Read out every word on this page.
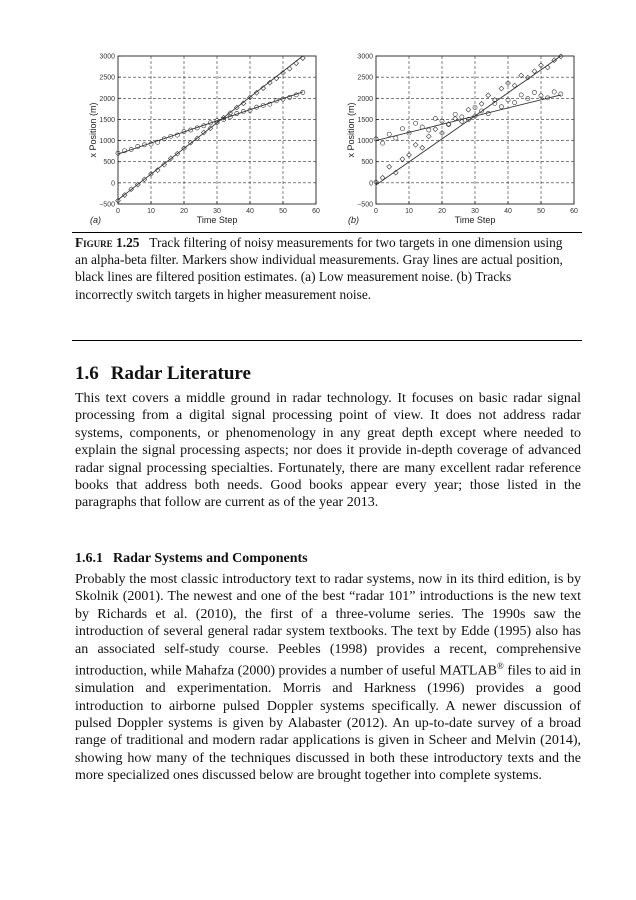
0	10	20	30	40	50	60
−500
0
500
1000
1500
2000
2500
3000
Time Step
x Position (m)
(a)
0	10	20	30	40	50	60
−500
0
500
1000
1500
2000
2500
3000
Time Step
x Position (m)
(b)
Figure 1.25 Track filtering of noisy measurements for two targets in one dimension using an alpha-beta filter. Markers show individual measurements. Gray lines are actual position, black lines are filtered position estimates. (a) Low measurement noise. (b) Tracks incorrectly switch targets in higher measurement noise.
1.6 Radar Literature
This text covers a middle ground in radar technology. It focuses on basic radar signal processing from a digital signal processing point of view. It does not address radar systems, components, or phenomenology in any great depth except where needed to explain the signal processing aspects; nor does it provide in-depth coverage of advanced radar signal processing specialties. Fortunately, there are many excellent radar reference books that address both needs. Good books appear every year; those listed in the paragraphs that follow are current as of the year 2013.
1.6.1 Radar Systems and Components
Probably the most classic introductory text to radar systems, now in its third edition, is by Skolnik (2001). The newest and one of the best “radar 101” introductions is the new text by Richards et al. (2010), the first of a three-volume series. The 1990s saw the introduction of several general radar system textbooks. The text by Edde (1995) also has an associated self-study course. Peebles (1998) provides a recent, comprehensive introduction, while Mahafza (2000) provides a number of useful MATLAB® files to aid in simulation and experimentation. Morris and Harkness (1996) provides a good introduction to airborne pulsed Doppler systems specifically. A newer discussion of pulsed Doppler systems is given by Alabaster (2012). An up-to-date survey of a broad range of traditional and modern radar applications is given in Scheer and Melvin (2014), showing how many of the techniques discussed in both these introductory texts and the more specialized ones discussed below are brought together into complete systems.
